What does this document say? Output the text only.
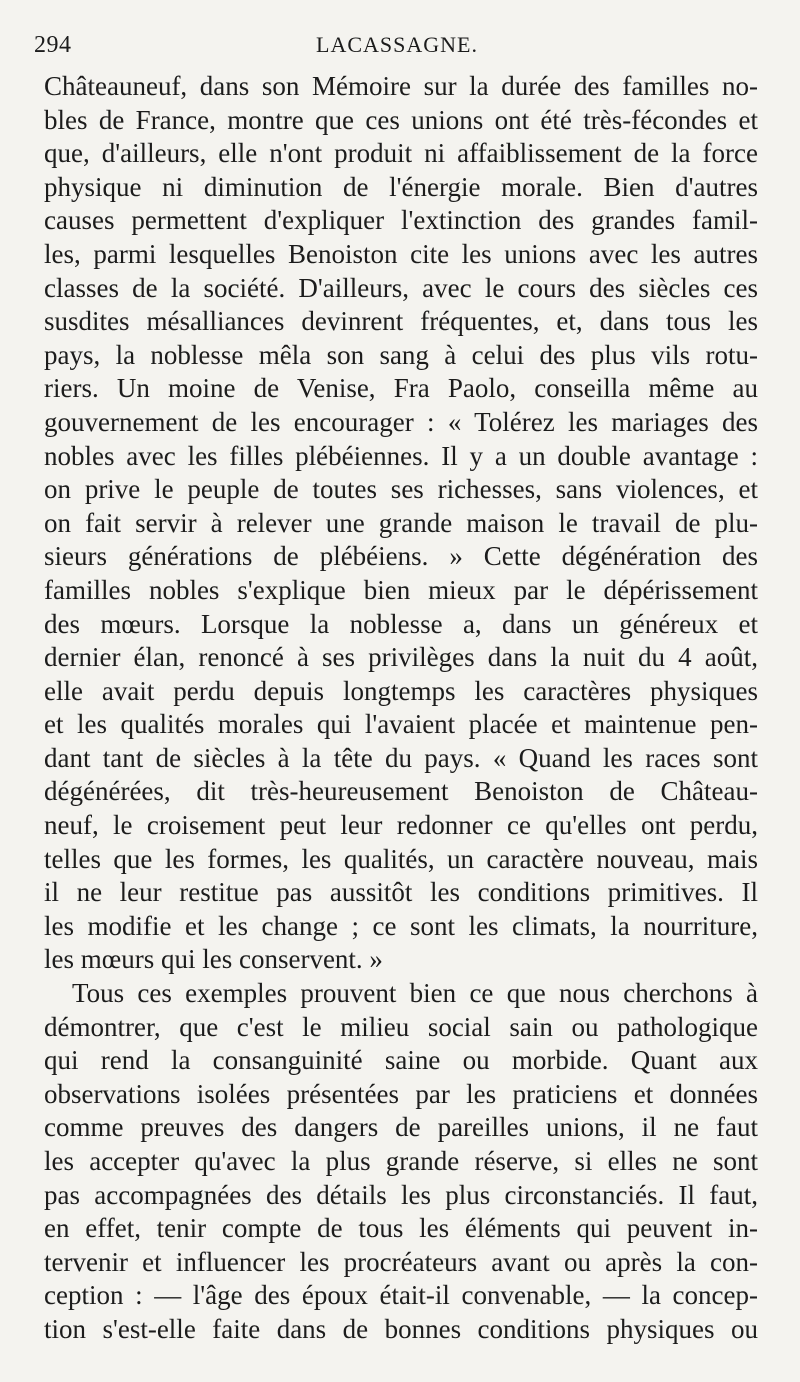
294	LACASSAGNE.
Châteauneuf, dans son Mémoire sur la durée des familles no-
bles de France, montre que ces unions ont été très-fécondes et
que, d'ailleurs, elle n'ont produit ni affaiblissement de la force
physique ni diminution de l'énergie morale. Bien d'autres
causes permettent d'expliquer l'extinction des grandes famil-
les, parmi lesquelles Benoiston cite les unions avec les autres
classes de la société. D'ailleurs, avec le cours des siècles ces
susdites mésalliances devinrent fréquentes, et, dans tous les
pays, la noblesse mêla son sang à celui des plus vils rotu-
riers. Un moine de Venise, Fra Paolo, conseilla même au
gouvernement de les encourager : « Tolérez les mariages des
nobles avec les filles plébéiennes. Il y a un double avantage :
on prive le peuple de toutes ses richesses, sans violences, et
on fait servir à relever une grande maison le travail de plu-
sieurs générations de plébéiens. » Cette dégénération des
familles nobles s'explique bien mieux par le dépérissement
des mœurs. Lorsque la noblesse a, dans un généreux et
dernier élan, renoncé à ses privilèges dans la nuit du 4 août,
elle avait perdu depuis longtemps les caractères physiques
et les qualités morales qui l'avaient placée et maintenue pen-
dant tant de siècles à la tête du pays. « Quand les races sont
dégénérées, dit très-heureusement Benoiston de Château-
neuf, le croisement peut leur redonner ce qu'elles ont perdu,
telles que les formes, les qualités, un caractère nouveau, mais
il ne leur restitue pas aussitôt les conditions primitives. Il
les modifie et les change ; ce sont les climats, la nourriture,
les mœurs qui les conservent. »
Tous ces exemples prouvent bien ce que nous cherchons à
démontrer, que c'est le milieu social sain ou pathologique
qui rend la consanguinité saine ou morbide. Quant aux
observations isolées présentées par les praticiens et données
comme preuves des dangers de pareilles unions, il ne faut
les accepter qu'avec la plus grande réserve, si elles ne sont
pas accompagnées des détails les plus circonstanciés. Il faut,
en effet, tenir compte de tous les éléments qui peuvent in-
tervenir et influencer les procréateurs avant ou après la con-
ception : — l'âge des époux était-il convenable, — la concep-
tion s'est-elle faite dans de bonnes conditions physiques ou
